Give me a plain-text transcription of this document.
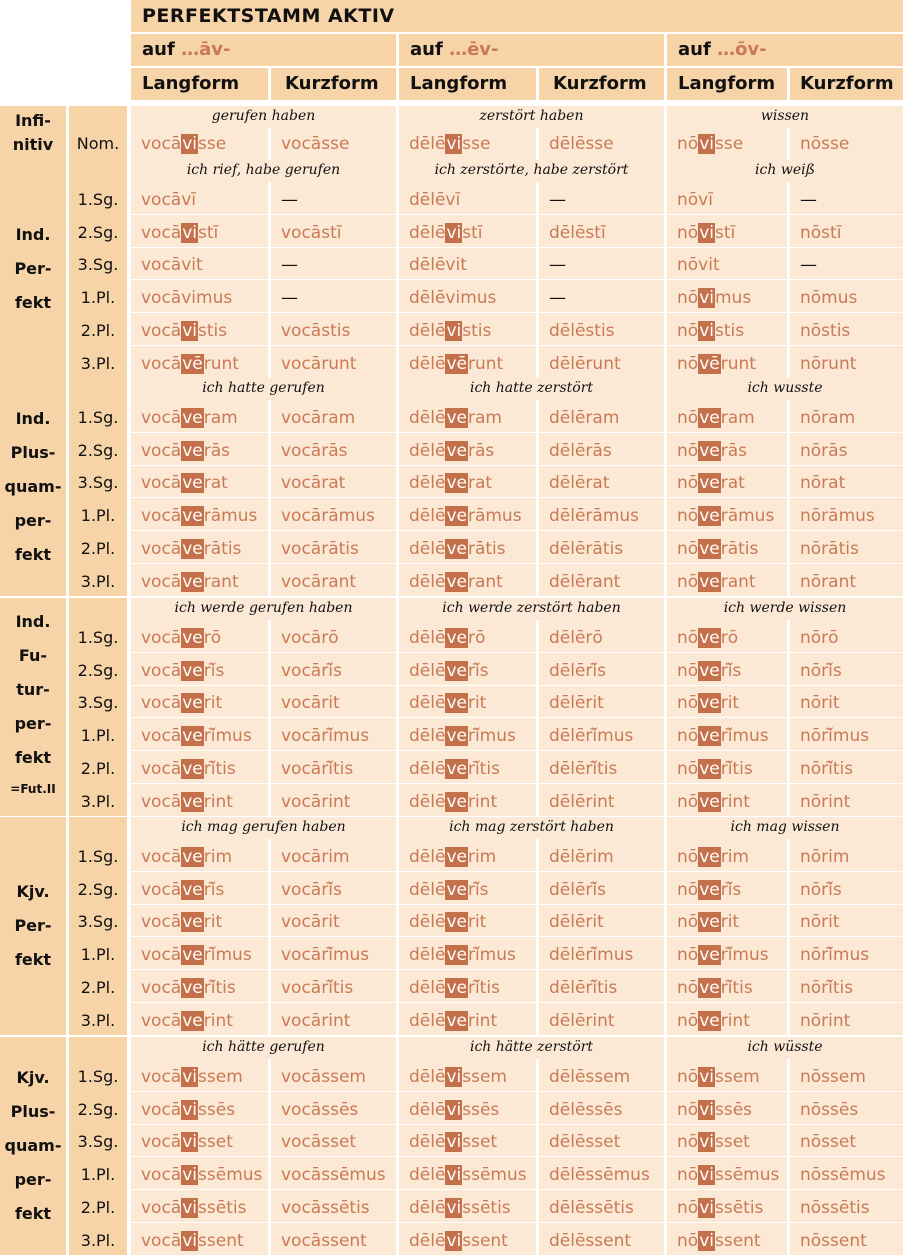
PERFEKTSTAMM AKTIV
auf …āv-	auf …ēv-	auf …ōv-
Langform	Kurzform Langform	Kurzform Langform Kurzform
gerufen haben	zerstört haben	wissen
Infi-
nitiv	Nom.	vocāvisse	vocāsse	dēlēvisse	dēlēsse	nōvisse	nōsse
ich rief, habe gerufen	ich zerstörte, habe zerstört	ich weiß
Ind.
Per-
fekt
1.Sg.	vocāvī	—	dēlēvī	—	nōvī	—
2.Sg.	vocāvistī	vocāstī	dēlēvistī	dēlēstī	nōvistī	nōstī
3.Sg.	vocāvit	—	dēlēvit	—	nōvit	—
1.Pl.	vocāvimus	—	dēlēvimus	—	nōvimus	nōmus
2.Pl.	vocāvistis	vocāstis	dēlēvistis	dēlēstis	nōvistis	nōstis
3.Pl.	vocāvērunt vocārunt	dēlēvērunt	dēlērunt	nōvērunt	nōrunt
ich hatte gerufen	ich hatte zerstört	ich wusste
Ind.
Plus-
quam-
per-
fekt
1.Sg.	vocāveram	vocāram	dēlēveram	dēlēram	nōveram	nōram
2.Sg.	vocāverās	vocārās	dēlēverās	dēlērās	nōverās	nōrās
3.Sg.	vocāverat	vocārat	dēlēverat	dēlērat	nōverat	nōrat
1.Pl.	vocāverāmus vocārāmus dēlēverāmus dēlērāmus nōverāmus nōrāmus
2.Pl.	vocāverātis vocārātis	dēlēverātis	dēlērātis	nōverātis nōrātis
3.Pl.	vocāverant vocārant	dēlēverant	dēlērant	nōverant	nōrant
ich werde gerufen haben	ich werde zerstört haben	ich werde wissen
Ind.
Fu-
tur-
per-
fekt
=Fut.II
1.Sg.	vocāverō	vocārō	dēlēverō	dēlērō	nōverō	nōrō
2.Sg.	vocāverǐ̄s	vocārǐ̄s	dēlēverǐ̄s	dēlērǐ̄s	nōverǐ̄s	nōrǐ̄s
3.Sg.	vocāverit	vocārit	dēlēverit	dēlērit	nōverit	nōrit
1.Pl.	vocāverǐ̄mus vocārǐ̄mus dēlēverǐ̄mus dēlērǐ̄mus	nōverǐ̄mus nōrǐ̄mus
2.Pl.	vocāverǐ̄tis	vocārǐ̄tis	dēlēverǐ̄tis	dēlērǐ̄tis	nōverǐ̄tis	nōrǐ̄tis
3.Pl.	vocāverint	vocārint	dēlēverint	dēlērint	nōverint	nōrint
ich mag gerufen haben	ich mag zerstört haben	ich mag wissen
Kjv.
Per-
fekt
1.Sg.	vocāverim	vocārim	dēlēverim	dēlērim	nōverim	nōrim
2.Sg.	vocāverǐ̄s	vocārǐ̄s	dēlēverǐ̄s	dēlērǐ̄s	nōverǐ̄s	nōrǐ̄s
3.Sg.	vocāverit	vocārit	dēlēverit	dēlērit	nōverit	nōrit
1.Pl.	vocāverǐ̄mus vocārǐ̄mus dēlēverǐ̄mus dēlērǐ̄mus	nōverǐ̄mus nōrǐ̄mus
2.Pl.	vocāverǐ̄tis	vocārǐ̄tis	dēlēverǐ̄tis	dēlērǐ̄tis	nōverǐ̄tis	nōrǐ̄tis
3.Pl.	vocāverint	vocārint	dēlēverint	dēlērint	nōverint	nōrint
ich hätte gerufen	ich hätte zerstört	ich wüsste
Kjv.
Plus-
quam-
per-
fekt
1.Sg.	vocāvissem vocāssem	dēlēvissem dēlēssem	nōvissem nōssem
2.Sg.	vocāvissēs	vocāssēs	dēlēvissēs	dēlēssēs	nōvissēs	nōssēs
3.Sg.	vocāvisset	vocāsset	dēlēvisset	dēlēsset	nōvisset	nōsset
1.Pl.	vocāvissēmus vocāssēmus dēlēvissēmus dēlēssēmus nōvissēmus nōssēmus
2.Pl.	vocāvissētis vocāssētis dēlēvissētis dēlēssētis	nōvissētis nōssētis
3.Pl.	vocāvissent vocāssent dēlēvissent dēlēssent	nōvissent nōssent
